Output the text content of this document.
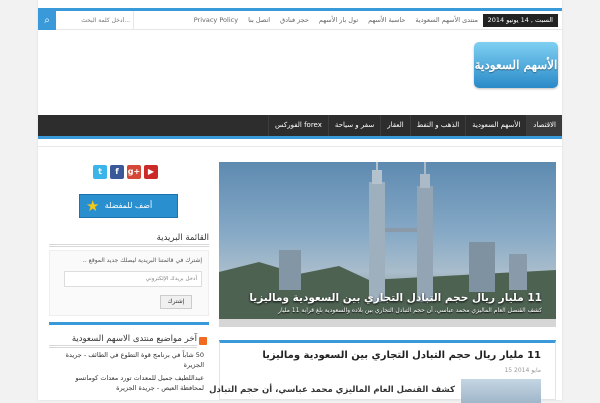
⌕
أدخل كلمة البحث...	منتدى الأسهم السعودية
حاسبة الأسهم
تول بار الأسهم
حجز فنادق
اتصل بنا
Privacy Policy	السبت , 14 يونيو 2014
الأسهم السعودية
الاقتصاد
الأسهم السعودية
الذهب و النفط
العقار
سفر و سياحة
الفوركس forex
11 مليار ريال حجم التبادل التجاري بين السعودية وماليزيا
كشف القنصل العام الماليزي محمد عباسي، أن حجم التبادل التجاري بين بلاده والسعودية بلغ قرابة 11 مليار
11 مليار ريال حجم التبادل التجاري بين السعودية وماليزيا
15 مايو 2014
كشف القنصل العام الماليزي محمد عباسي، أن حجم التبادل
t	f	g+ ▶
★ أضف للمفضلة
القائمة البريدية
إشترك في قائمتنا البريدية ليصلك جديد الموقع ..
أدخل بريدك الإلكتروني
إشترك
آخر مواضيع منتدى الاسهم السعودية
50 شاباً في برنامج قوة التطوع في الطائف - جريدة الجزيرة
عبداللطيف جميل للمعدات تورد معدات كوماتسو لمحافظة العيص - جريدة الجزيرة
